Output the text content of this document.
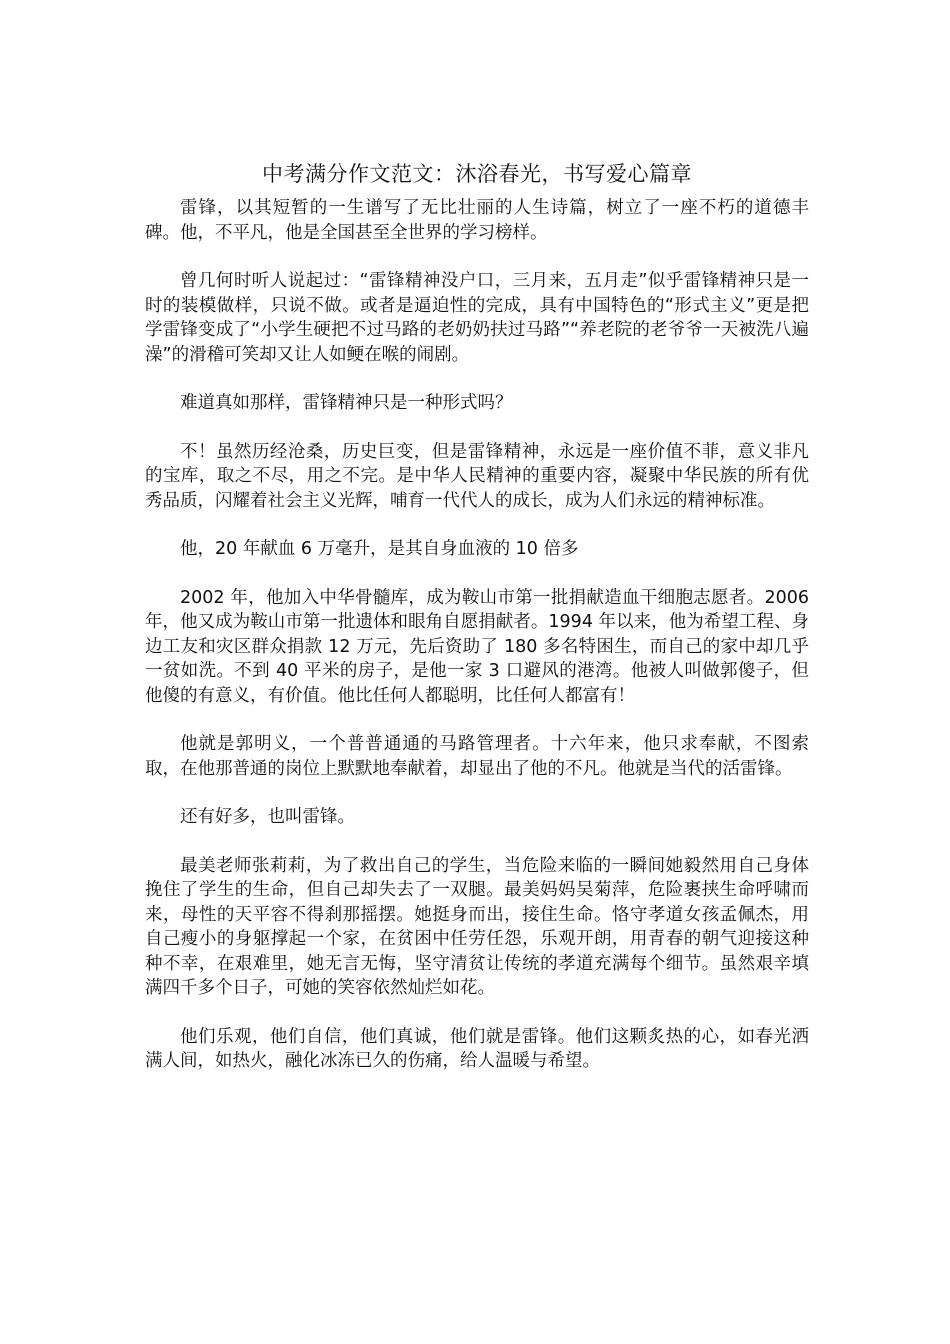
中考满分作文范文：沐浴春光，书写爱心篇章

雷锋，以其短暂的一生谱写了无比壮丽的人生诗篇，树立了一座不朽的道德丰碑。他，不平凡，他是全国甚至全世界的学习榜样。

曾几何时听人说起过：“雷锋精神没户口，三月来，五月走”似乎雷锋精神只是一时的装模做样，只说不做。或者是逼迫性的完成，具有中国特色的“形式主义”更是把学雷锋变成了“小学生硬把不过马路的老奶奶扶过马路”“养老院的老爷爷一天被洗八遍澡”的滑稽可笑却又让人如鲠在喉的闹剧。

难道真如那样，雷锋精神只是一种形式吗？

不！虽然历经沧桑，历史巨变，但是雷锋精神，永远是一座价值不菲，意义非凡的宝库，取之不尽，用之不完。是中华人民精神的重要内容，凝聚中华民族的所有优秀品质，闪耀着社会主义光辉，哺育一代代人的成长，成为人们永远的精神标准。

他，20 年献血 6 万毫升，是其自身血液的 10 倍多

2002 年，他加入中华骨髓库，成为鞍山市第一批捐献造血干细胞志愿者。2006 年，他又成为鞍山市第一批遗体和眼角自愿捐献者。1994 年以来，他为希望工程、身边工友和灾区群众捐款 12 万元，先后资助了 180 多名特困生，而自己的家中却几乎一贫如洗。不到 40 平米的房子，是他一家 3 口避风的港湾。他被人叫做郭傻子，但他傻的有意义，有价值。他比任何人都聪明，比任何人都富有！

他就是郭明义，一个普普通通的马路管理者。十六年来，他只求奉献，不图索取，在他那普通的岗位上默默地奉献着，却显出了他的不凡。他就是当代的活雷锋。

还有好多，也叫雷锋。

最美老师张莉莉，为了救出自己的学生，当危险来临的一瞬间她毅然用自己身体挽住了学生的生命，但自己却失去了一双腿。最美妈妈吴菊萍，危险裹挟生命呼啸而来，母性的天平容不得刹那摇摆。她挺身而出，接住生命。恪守孝道女孩孟佩杰，用自己瘦小的身躯撑起一个家，在贫困中任劳任怨，乐观开朗，用青春的朝气迎接这种种不幸，在艰难里，她无言无悔，坚守清贫让传统的孝道充满每个细节。虽然艰辛填满四千多个日子，可她的笑容依然灿烂如花。

他们乐观，他们自信，他们真诚，他们就是雷锋。他们这颗炙热的心，如春光洒满人间，如热火，融化冰冻已久的伤痛，给人温暖与希望。
